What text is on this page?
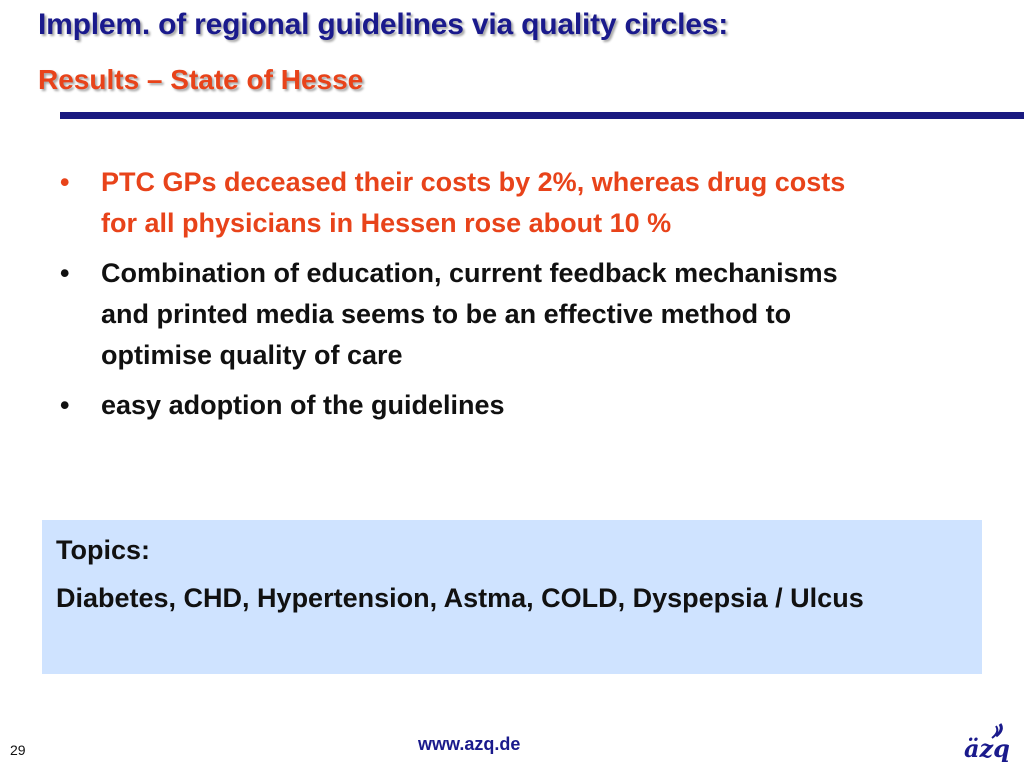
Implem. of regional guidelines via quality circles:
Results – State of Hesse
• PTC GPs deceased their costs by 2%, whereas drug costs for all physicians in Hessen rose about 10 %
• Combination of education, current feedback mechanisms and printed media seems to be an effective method to optimise quality of care
• easy adoption of the guidelines

Topics:

Diabetes, CHD, Hypertension, Astma, COLD, Dyspepsia / Ulcus

29	www.azq.de	äzq
